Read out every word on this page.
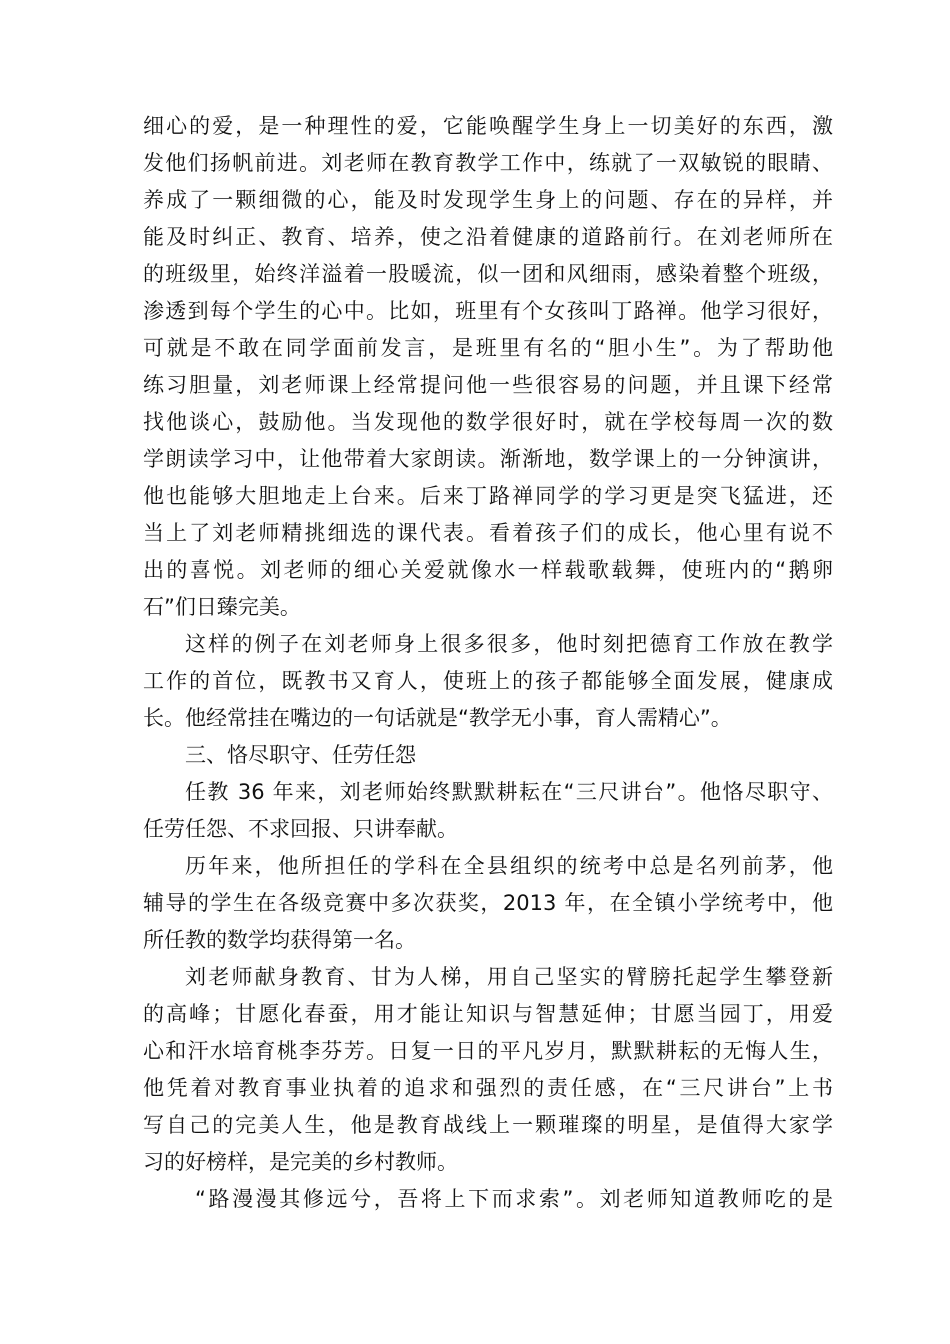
细心的爱，是一种理性的爱，它能唤醒学生身上一切美好的东西，激
发他们扬帆前进。刘老师在教育教学工作中，练就了一双敏锐的眼睛、
养成了一颗细微的心，能及时发现学生身上的问题、存在的异样，并
能及时纠正、教育、培养，使之沿着健康的道路前行。在刘老师所在
的班级里，始终洋溢着一股暖流，似一团和风细雨，感染着整个班级，
渗透到每个学生的心中。比如，班里有个女孩叫丁路禅。他学习很好，
可就是不敢在同学面前发言，是班里有名的“胆小生”。为了帮助他
练习胆量，刘老师课上经常提问他一些很容易的问题，并且课下经常
找他谈心，鼓励他。当发现他的数学很好时，就在学校每周一次的数
学朗读学习中，让他带着大家朗读。渐渐地，数学课上的一分钟演讲，
他也能够大胆地走上台来。后来丁路禅同学的学习更是突飞猛进，还
当上了刘老师精挑细选的课代表。看着孩子们的成长，他心里有说不
出的喜悦。刘老师的细心关爱就像水一样载歌载舞，使班内的“鹅卵
石”们日臻完美。
这样的例子在刘老师身上很多很多，他时刻把德育工作放在教学
工作的首位，既教书又育人，使班上的孩子都能够全面发展，健康成
长。他经常挂在嘴边的一句话就是“教学无小事，育人需精心”。
三、恪尽职守、任劳任怨
任教 36 年来，刘老师始终默默耕耘在“三尺讲台”。他恪尽职守、
任劳任怨、不求回报、只讲奉献。
历年来，他所担任的学科在全县组织的统考中总是名列前茅，他
辅导的学生在各级竞赛中多次获奖，2013 年，在全镇小学统考中，他
所任教的数学均获得第一名。
刘老师献身教育、甘为人梯，用自己坚实的臂膀托起学生攀登新
的高峰；甘愿化春蚕，用才能让知识与智慧延伸；甘愿当园丁，用爱
心和汗水培育桃李芬芳。日复一日的平凡岁月，默默耕耘的无悔人生，
他凭着对教育事业执着的追求和强烈的责任感，在“三尺讲台”上书
写自己的完美人生，他是教育战线上一颗璀璨的明星，是值得大家学
习的好榜样，是完美的乡村教师。
“路漫漫其修远兮，吾将上下而求索”。刘老师知道教师吃的是
